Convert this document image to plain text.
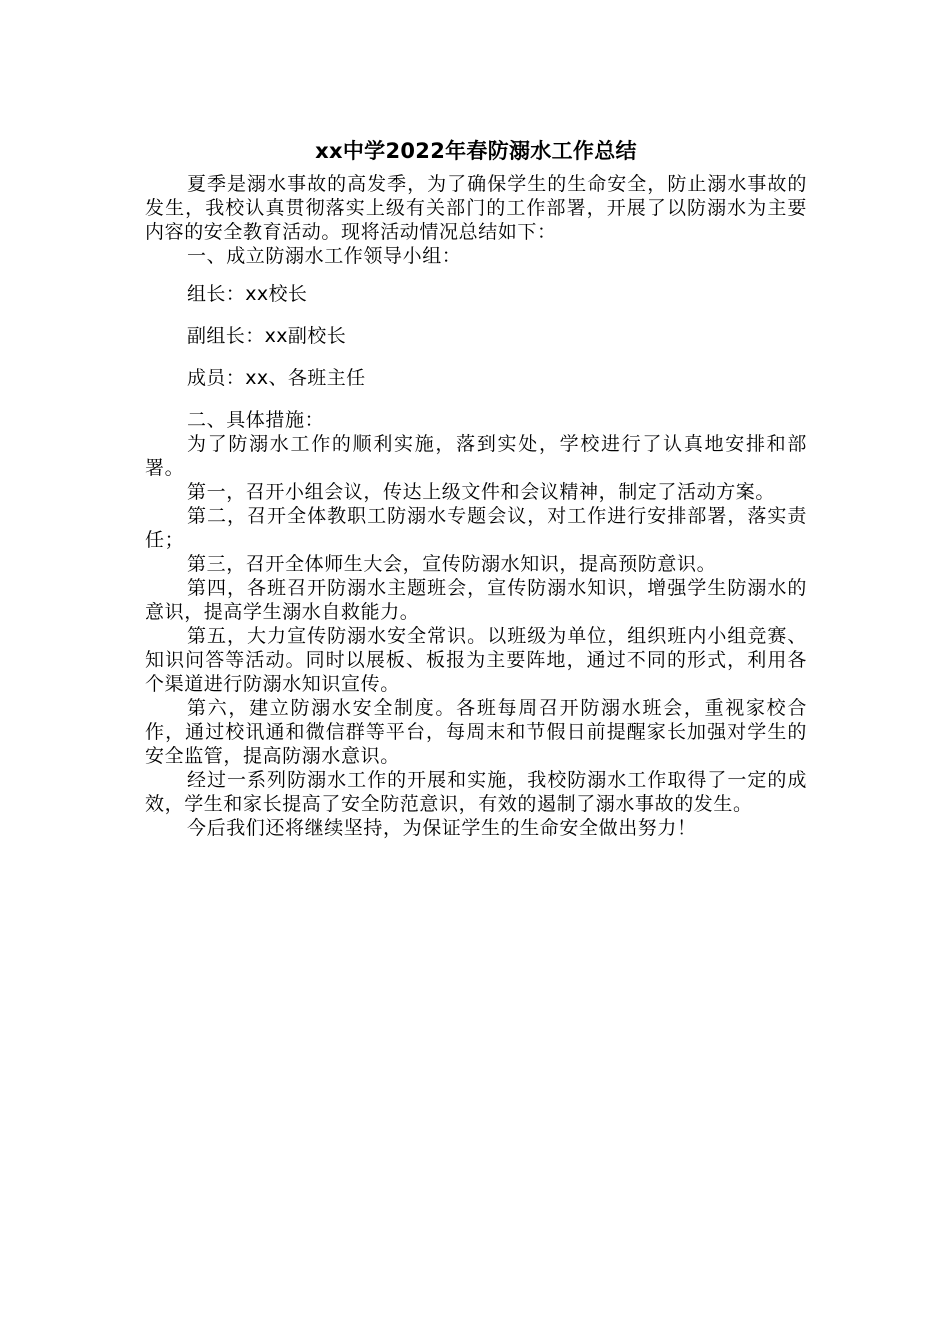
xx中学2022年春防溺水工作总结

夏季是溺水事故的高发季，为了确保学生的生命安全，防止溺水事故的发生，我校认真贯彻落实上级有关部门的工作部署，开展了以防溺水为主要内容的安全教育活动。现将活动情况总结如下：

一、成立防溺水工作领导小组：

组长：xx校长

副组长：xx副校长

成员：xx、各班主任

二、具体措施：

为了防溺水工作的顺利实施，落到实处，学校进行了认真地安排和部署。

第一，召开小组会议，传达上级文件和会议精神，制定了活动方案。

第二，召开全体教职工防溺水专题会议，对工作进行安排部署，落实责任；

第三，召开全体师生大会，宣传防溺水知识，提高预防意识。

第四，各班召开防溺水主题班会，宣传防溺水知识，增强学生防溺水的意识，提高学生溺水自救能力。

第五，大力宣传防溺水安全常识。以班级为单位，组织班内小组竞赛、知识问答等活动。同时以展板、板报为主要阵地，通过不同的形式，利用各个渠道进行防溺水知识宣传。

第六，建立防溺水安全制度。各班每周召开防溺水班会，重视家校合作，通过校讯通和微信群等平台，每周末和节假日前提醒家长加强对学生的安全监管，提高防溺水意识。

经过一系列防溺水工作的开展和实施，我校防溺水工作取得了一定的成效，学生和家长提高了安全防范意识，有效的遏制了溺水事故的发生。

今后我们还将继续坚持，为保证学生的生命安全做出努力！
